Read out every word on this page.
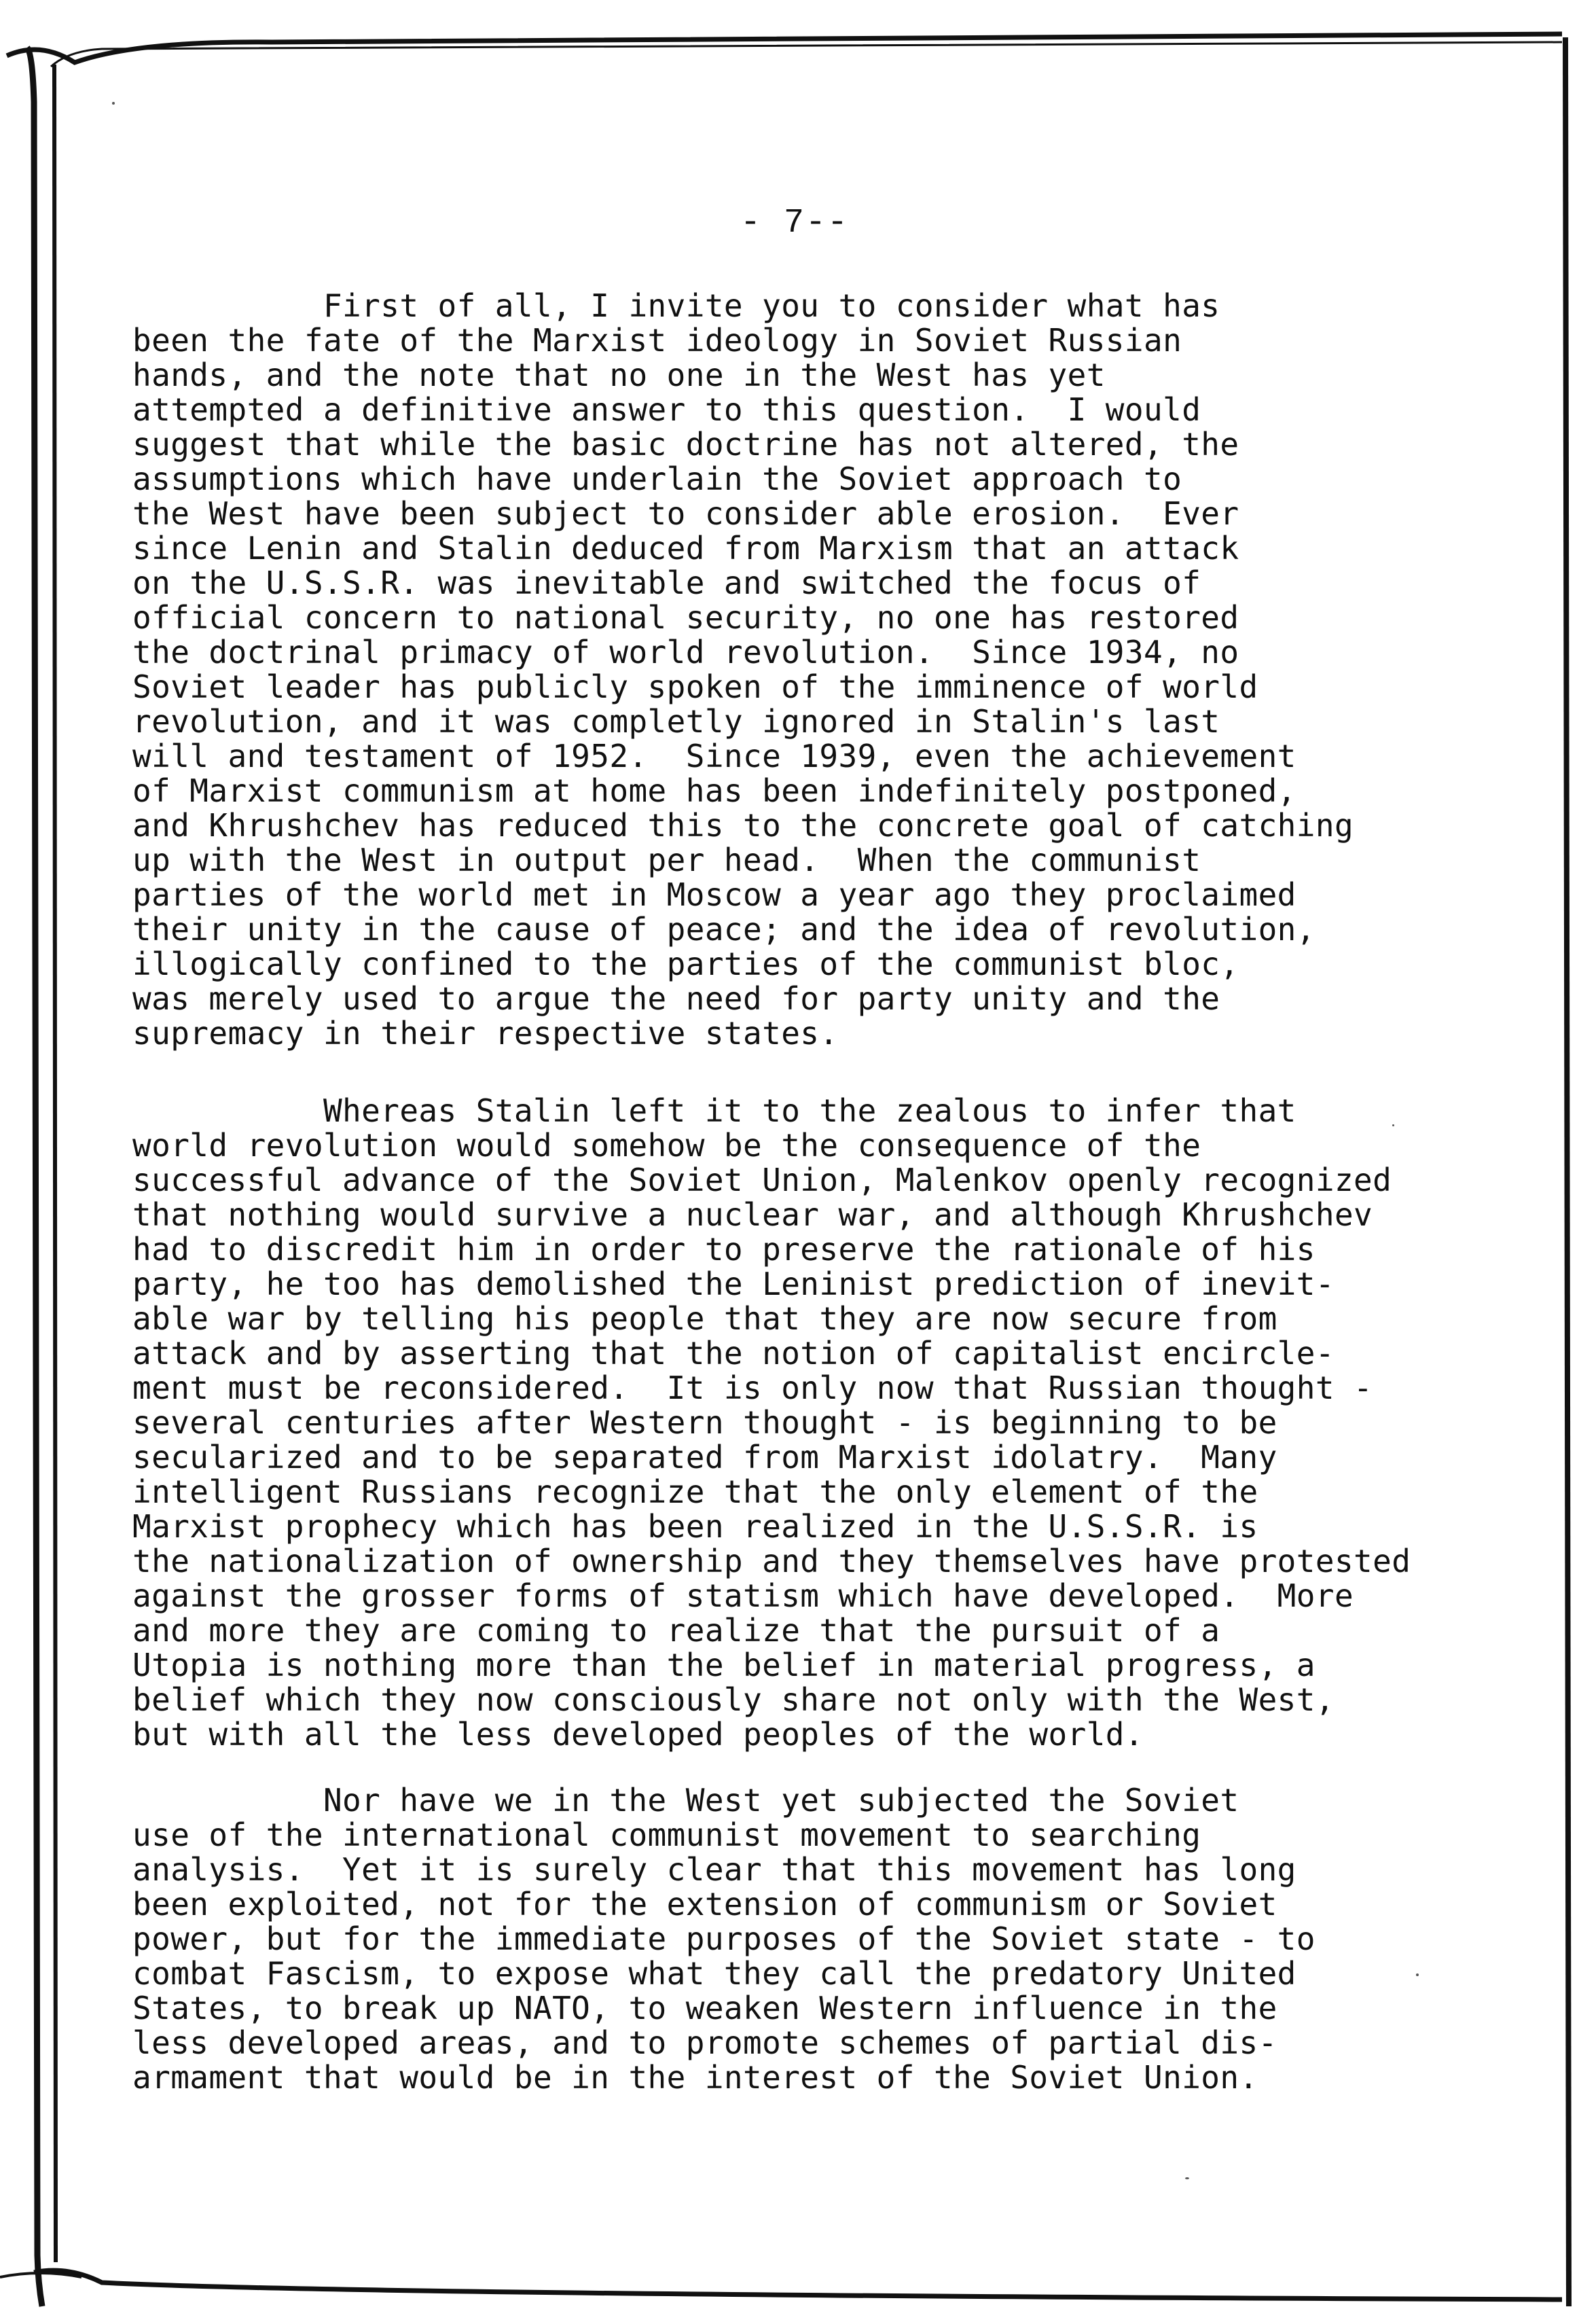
- 7--
First of all, I invite you to consider what has
been the fate of the Marxist ideology in Soviet Russian
hands, and the note that no one in the West has yet
attempted a definitive answer to this question.  I would
suggest that while the basic doctrine has not altered, the
assumptions which have underlain the Soviet approach to
the West have been subject to consider able erosion.  Ever
since Lenin and Stalin deduced from Marxism that an attack
on the U.S.S.R. was inevitable and switched the focus of
official concern to national security, no one has restored
the doctrinal primacy of world revolution.  Since 1934, no
Soviet leader has publicly spoken of the imminence of world
revolution, and it was completly ignored in Stalin's last
will and testament of 1952.  Since 1939, even the achievement
of Marxist communism at home has been indefinitely postponed,
and Khrushchev has reduced this to the concrete goal of catching
up with the West in output per head.  When the communist
parties of the world met in Moscow a year ago they proclaimed
their unity in the cause of peace; and the idea of revolution,
illogically confined to the parties of the communist bloc,
was merely used to argue the need for party unity and the
supremacy in their respective states.
Whereas Stalin left it to the zealous to infer that
world revolution would somehow be the consequence of the
successful advance of the Soviet Union, Malenkov openly recognized
that nothing would survive a nuclear war, and although Khrushchev
had to discredit him in order to preserve the rationale of his
party, he too has demolished the Leninist prediction of inevit-
able war by telling his people that they are now secure from
attack and by asserting that the notion of capitalist encircle-
ment must be reconsidered.  It is only now that Russian thought -
several centuries after Western thought - is beginning to be
secularized and to be separated from Marxist idolatry.  Many
intelligent Russians recognize that the only element of the
Marxist prophecy which has been realized in the U.S.S.R. is
the nationalization of ownership and they themselves have protested
against the grosser forms of statism which have developed.  More
and more they are coming to realize that the pursuit of a
Utopia is nothing more than the belief in material progress, a
belief which they now consciously share not only with the West,
but with all the less developed peoples of the world.
Nor have we in the West yet subjected the Soviet
use of the international communist movement to searching
analysis.  Yet it is surely clear that this movement has long
been exploited, not for the extension of communism or Soviet
power, but for the immediate purposes of the Soviet state - to
combat Fascism, to expose what they call the predatory United
States, to break up NATO, to weaken Western influence in the
less developed areas, and to promote schemes of partial dis-
armament that would be in the interest of the Soviet Union.
